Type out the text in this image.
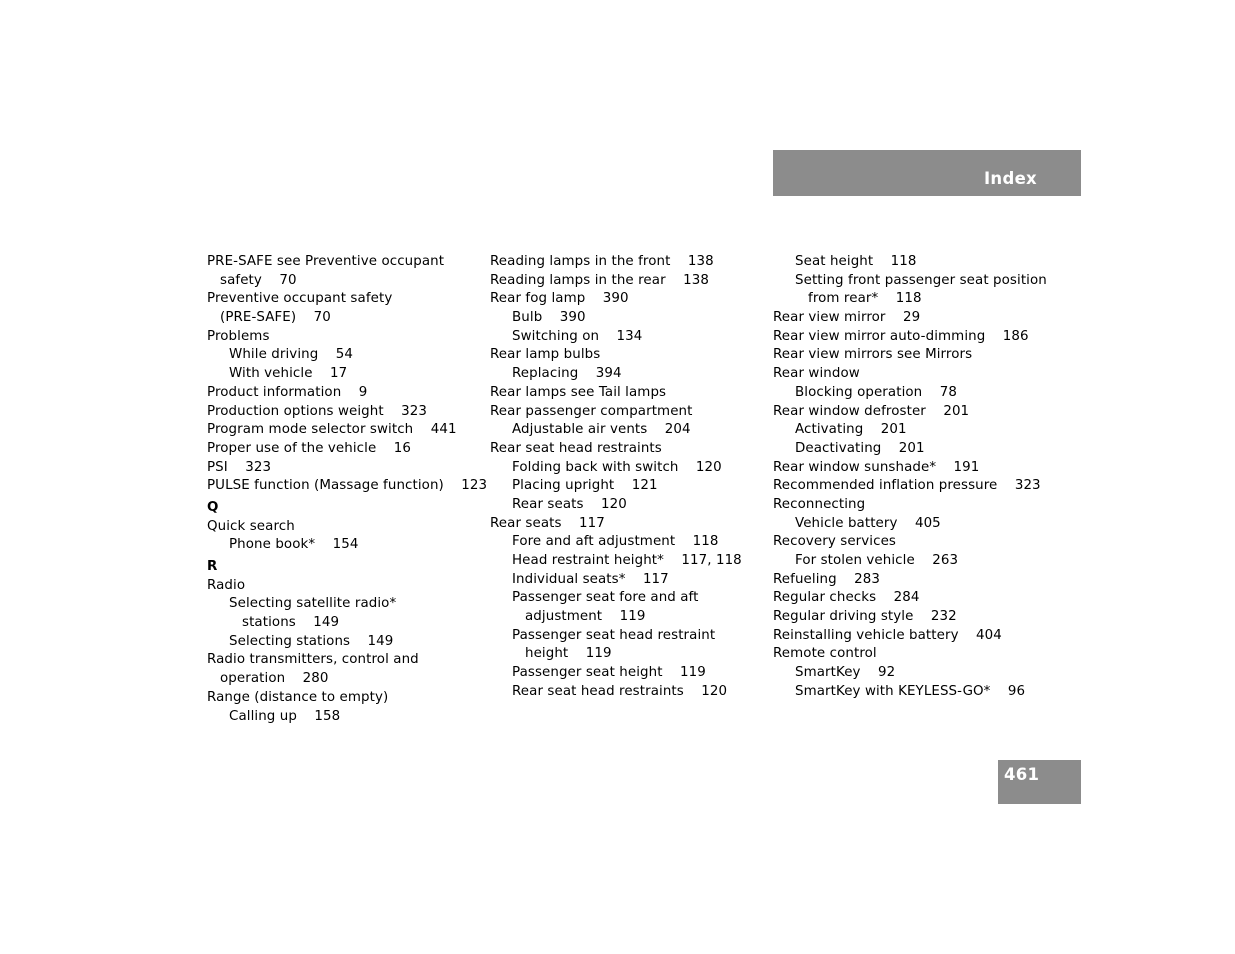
Index
PRE-SAFE see Preventive occupant
safety    70
Preventive occupant safety
(PRE-SAFE)    70
Problems
While driving    54
With vehicle    17
Product information    9
Production options weight    323
Program mode selector switch    441
Proper use of the vehicle    16
PSI    323
PULSE function (Massage function)    123
Q
Quick search
Phone book*    154
R
Radio
Selecting satellite radio*
stations    149
Selecting stations    149
Radio transmitters, control and
operation    280
Range (distance to empty)
Calling up    158
Reading lamps in the front    138
Reading lamps in the rear    138
Rear fog lamp    390
Bulb    390
Switching on    134
Rear lamp bulbs
Replacing    394
Rear lamps see Tail lamps
Rear passenger compartment
Adjustable air vents    204
Rear seat head restraints
Folding back with switch    120
Placing upright    121
Rear seats    120
Rear seats    117
Fore and aft adjustment    118
Head restraint height*    117, 118
Individual seats*    117
Passenger seat fore and aft
adjustment    119
Passenger seat head restraint
height    119
Passenger seat height    119
Rear seat head restraints    120
Seat height    118
Setting front passenger seat position
from rear*    118
Rear view mirror    29
Rear view mirror auto-dimming    186
Rear view mirrors see Mirrors
Rear window
Blocking operation    78
Rear window defroster    201
Activating    201
Deactivating    201
Rear window sunshade*    191
Recommended inflation pressure    323
Reconnecting
Vehicle battery    405
Recovery services
For stolen vehicle    263
Refueling    283
Regular checks    284
Regular driving style    232
Reinstalling vehicle battery    404
Remote control
SmartKey    92
SmartKey with KEYLESS-GO*    96
461
